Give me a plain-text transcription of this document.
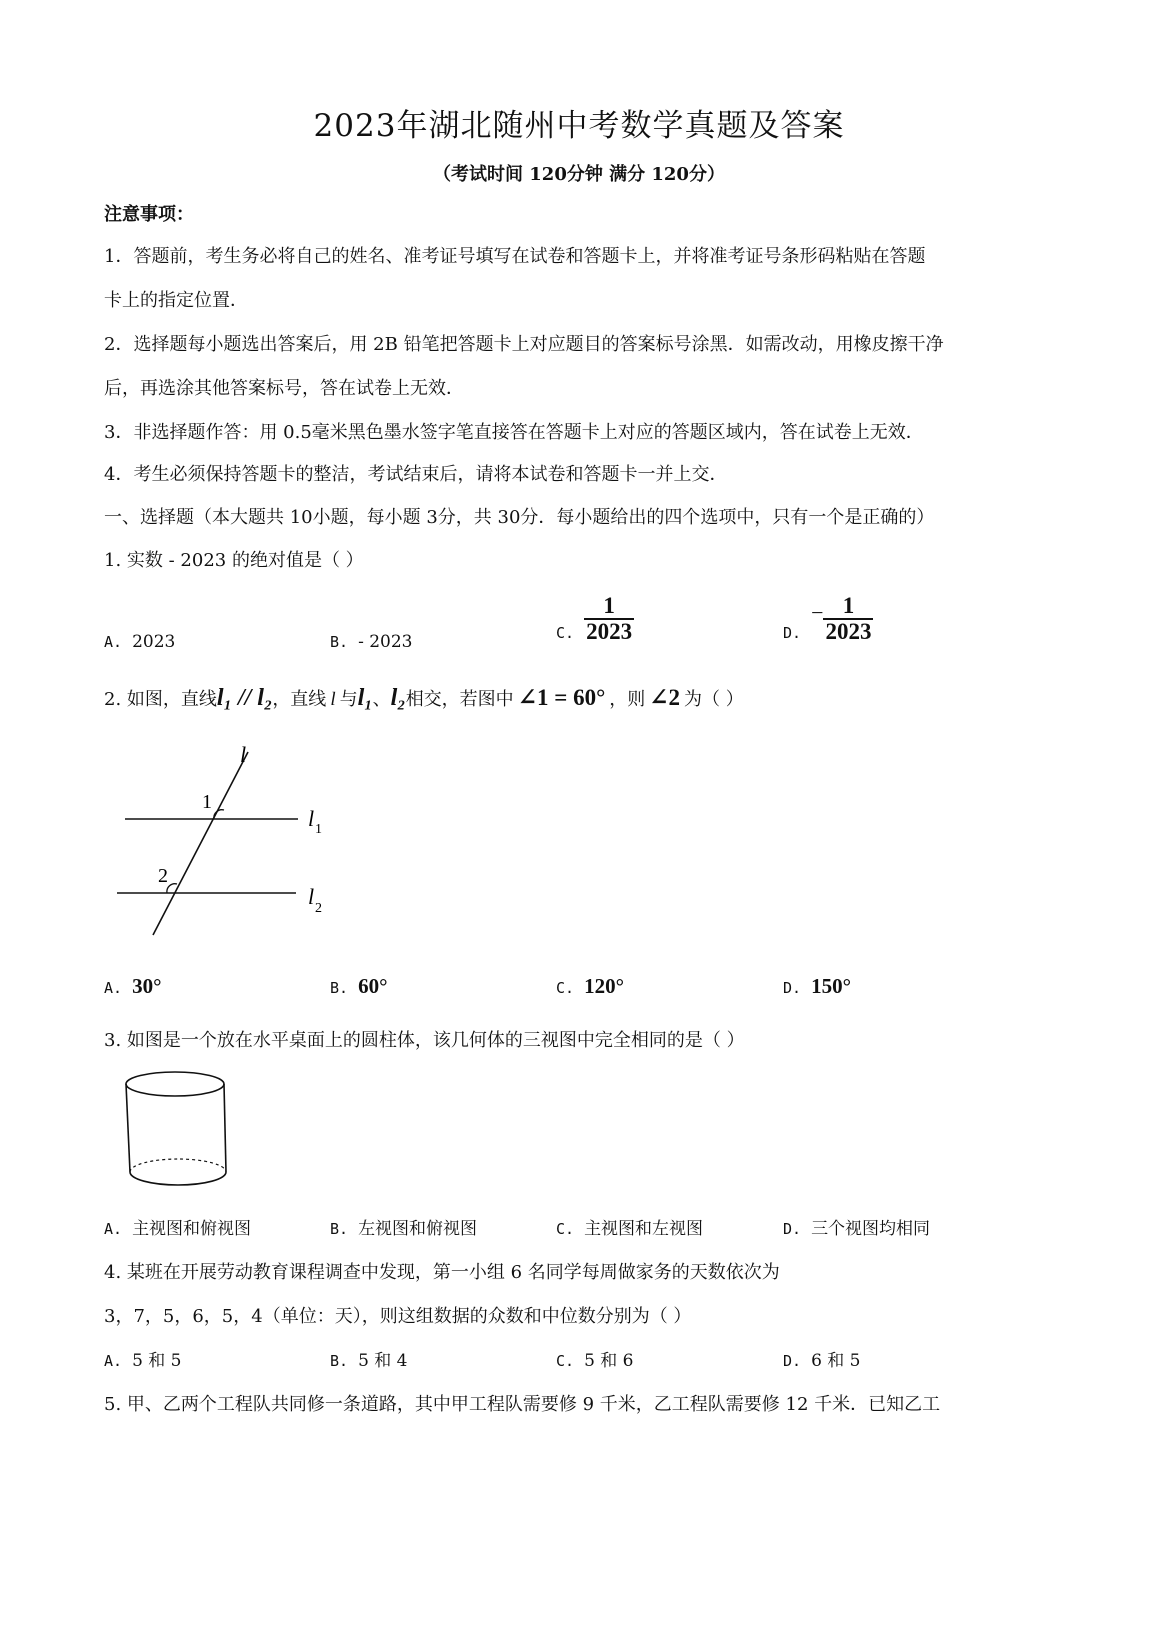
2023年湖北随州中考数学真题及答案
（考试时间 120分钟 满分 120分）
注意事项：
1．答题前，考生务必将自己的姓名、准考证号填写在试卷和答题卡上，并将准考证号条形码粘贴在答题
卡上的指定位置．
2．选择题每小题选出答案后，用 2B 铅笔把答题卡上对应题目的答案标号涂黑．如需改动，用橡皮擦干净
后，再选涂其他答案标号，答在试卷上无效．
3．非选择题作答：用 0.5毫米黑色墨水签字笔直接答在答题卡上对应的答题区域内，答在试卷上无效．
4．考生必须保持答题卡的整洁，考试结束后，请将本试卷和答题卡一并上交．
一、选择题（本大题共 10小题，每小题 3分，共 30分．每小题给出的四个选项中，只有一个是正确的）
1. 实数 - 2023 的绝对值是（ ）
A. 2023	B. - 2023	C. $\frac{1}{2023}$	D.
− $\frac{1}{2023}$
2. 如图，直线 l₁ // l₂ ，直线 l 与 l₁ 、 l₂ 相交，若图中 ∠1 = 60° ，则 ∠2 为（ ）
l
1
2
l 1
l 2
A. 30°	B. 60°	C. 120°	D. 150°
3. 如图是一个放在水平桌面上的圆柱体，该几何体的三视图中完全相同的是（ ）
A. 主视图和俯视图	B. 左视图和俯视图	C. 主视图和左视图	D. 三个视图均相同
4. 某班在开展劳动教育课程调查中发现，第一小组 6 名同学每周做家务的天数依次为
3，7，5，6，5，4（单位：天），则这组数据的众数和中位数分别为（ ）
A. 5 和 5	B. 5 和 4	C. 5 和 6	D. 6 和 5
5. 甲、乙两个工程队共同修一条道路，其中甲工程队需要修 9 千米，乙工程队需要修 12 千米．已知乙工
